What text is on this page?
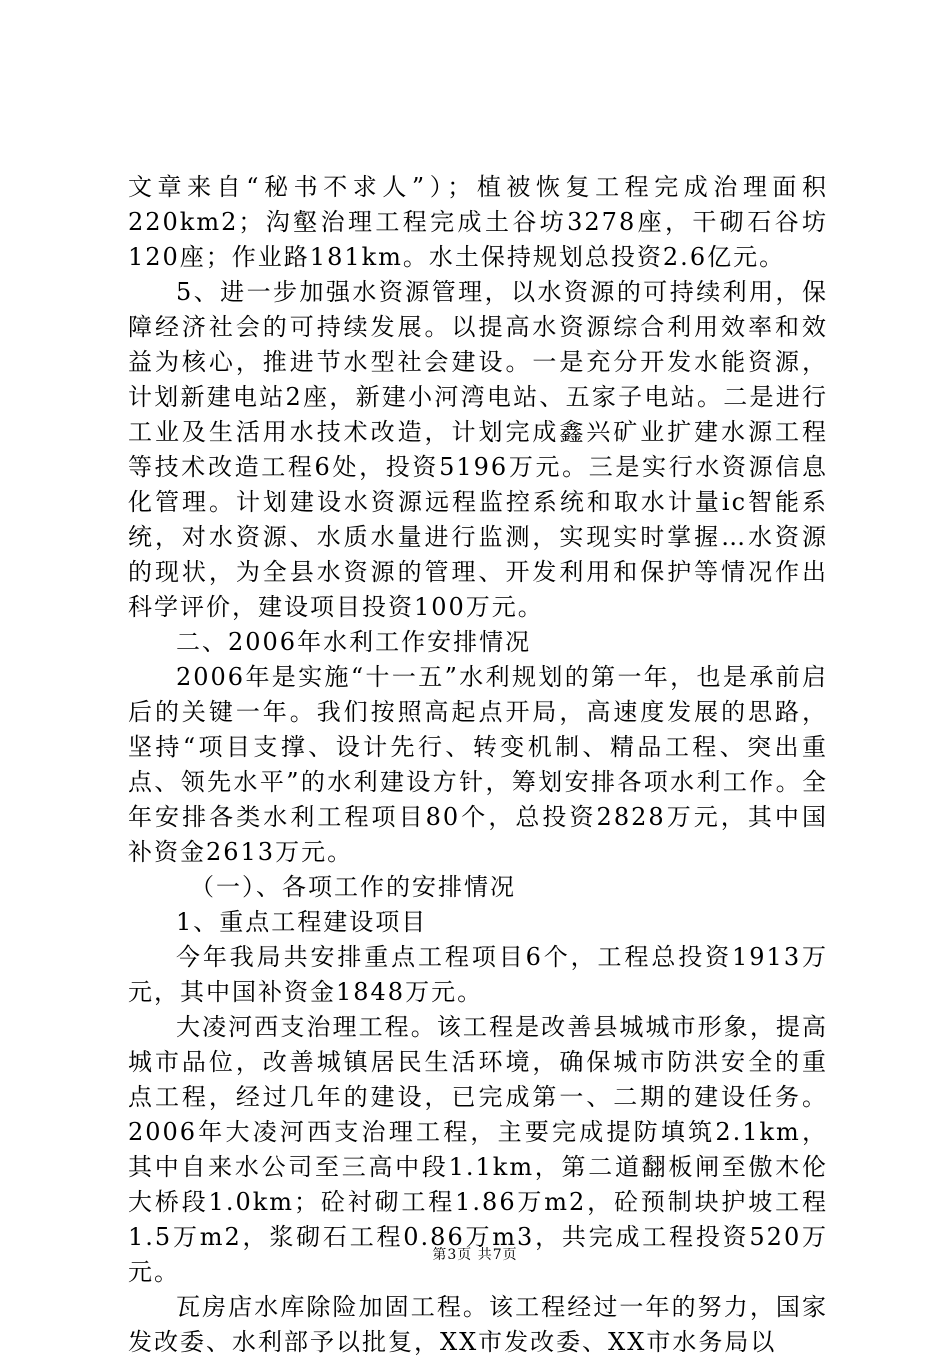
文章来自“秘书不求人”）；植被恢复工程完成治理面积220km2；沟壑治理工程完成土谷坊3278座，干砌石谷坊120座；作业路181km。水土保持规划总投资2.6亿元。

5、进一步加强水资源管理，以水资源的可持续利用，保障经济社会的可持续发展。以提高水资源综合利用效率和效益为核心，推进节水型社会建设。一是充分开发水能资源，计划新建电站2座，新建小河湾电站、五家子电站。二是进行工业及生活用水技术改造，计划完成鑫兴矿业扩建水源工程等技术改造工程6处，投资5196万元。三是实行水资源信息化管理。计划建设水资源远程监控系统和取水计量ic智能系统，对水资源、水质水量进行监测，实现实时掌握…水资源的现状，为全县水资源的管理、开发利用和保护等情况作出科学评价，建设项目投资100万元。

二、2006年水利工作安排情况

2006年是实施“十一五”水利规划的第一年，也是承前启后的关键一年。我们按照高起点开局，高速度发展的思路，坚持“项目支撑、设计先行、转变机制、精品工程、突出重点、领先水平”的水利建设方针，筹划安排各项水利工作。全年安排各类水利工程项目80个，总投资2828万元，其中国补资金2613万元。

（一）、各项工作的安排情况

1、重点工程建设项目

今年我局共安排重点工程项目6个，工程总投资1913万元，其中国补资金1848万元。

大凌河西支治理工程。该工程是改善县城城市形象，提高城市品位，改善城镇居民生活环境，确保城市防洪安全的重点工程，经过几年的建设，已完成第一、二期的建设任务。2006年大凌河西支治理工程，主要完成提防填筑2.1km，其中自来水公司至三高中段1.1km，第二道翻板闸至傲木伦大桥段1.0km；砼衬砌工程1.86万m2，砼预制块护坡工程1.5万m2，浆砌石工程0.86万m3，共完成工程投资520万元。

瓦房店水库除险加固工程。该工程经过一年的努力，国家发改委、水利部予以批复，XX市发改委、XX市水务局以

第3页 共7页
